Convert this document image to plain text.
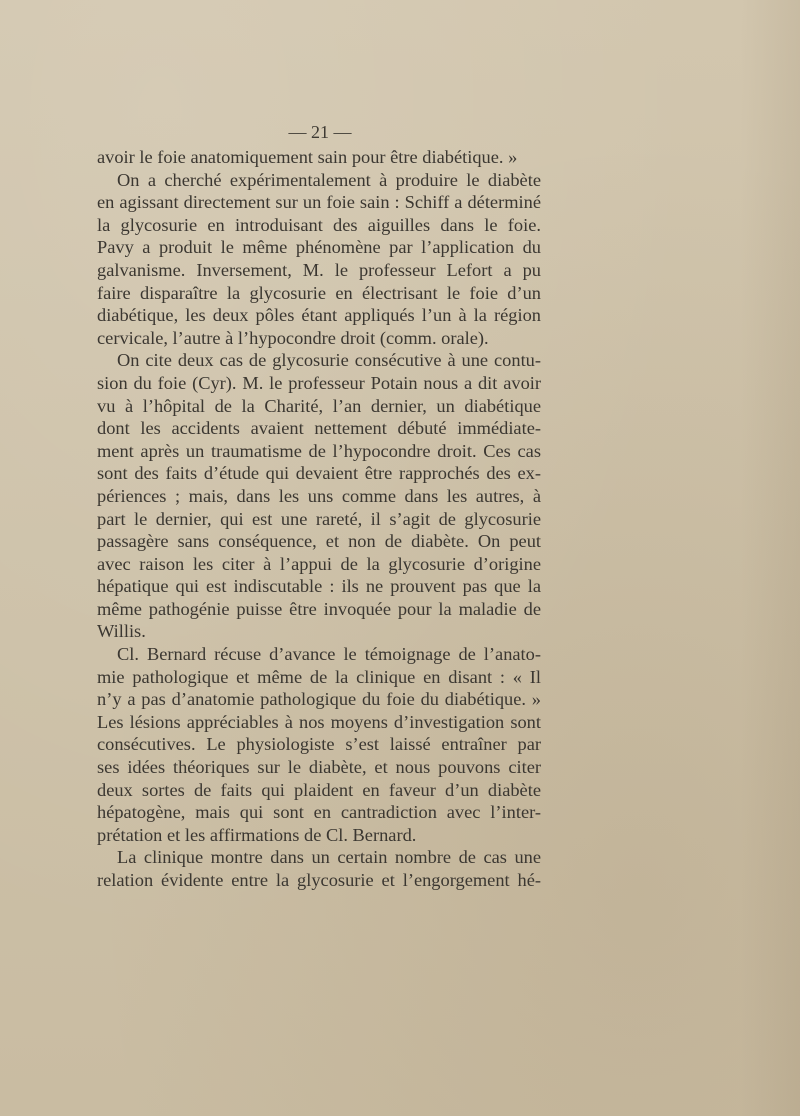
— 21 —
avoir le foie anatomiquement sain pour être diabétique. »
On a cherché expérimentalement à produire le diabète
en agissant directement sur un foie sain : Schiff a déterminé
la glycosurie en introduisant des aiguilles dans le foie.
Pavy a produit le même phénomène par l’application du
galvanisme. Inversement, M. le professeur Lefort a pu
faire disparaître la glycosurie en électrisant le foie d’un
diabétique, les deux pôles étant appliqués l’un à la région
cervicale, l’autre à l’hypocondre droit (comm. orale).
On cite deux cas de glycosurie consécutive à une contu-
sion du foie (Cyr). M. le professeur Potain nous a dit avoir
vu à l’hôpital de la Charité, l’an dernier, un diabétique
dont les accidents avaient nettement débuté immédiate-
ment après un traumatisme de l’hypocondre droit. Ces cas
sont des faits d’étude qui devaient être rapprochés des ex-
périences ; mais, dans les uns comme dans les autres, à
part le dernier, qui est une rareté, il s’agit de glycosurie
passagère sans conséquence, et non de diabète. On peut
avec raison les citer à l’appui de la glycosurie d’origine
hépatique qui est indiscutable : ils ne prouvent pas que la
même pathogénie puisse être invoquée pour la maladie de
Willis.
Cl. Bernard récuse d’avance le témoignage de l’anato-
mie pathologique et même de la clinique en disant : « Il
n’y a pas d’anatomie pathologique du foie du diabétique. »
Les lésions appréciables à nos moyens d’investigation sont
consécutives. Le physiologiste s’est laissé entraîner par
ses idées théoriques sur le diabète, et nous pouvons citer
deux sortes de faits qui plaident en faveur d’un diabète
hépatogène, mais qui sont en cantradiction avec l’inter-
prétation et les affirmations de Cl. Bernard.
La clinique montre dans un certain nombre de cas une
relation évidente entre la glycosurie et l’engorgement hé-
